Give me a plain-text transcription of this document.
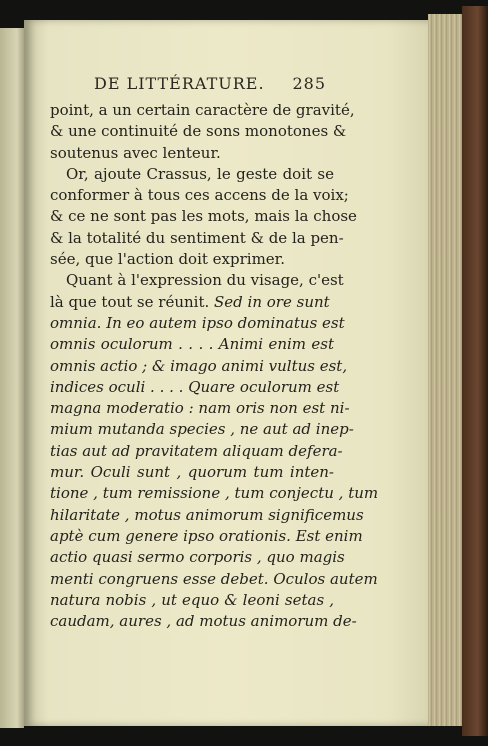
DE LITTÉRATURE. 285
point, a un certain caractère de gravité,
& une continuité de sons monotones &
soutenus avec lenteur.
Or, ajoute Crassus, le geste doit se
conformer à tous ces accens de la voix;
& ce ne sont pas les mots, mais la chose
& la totalité du sentiment & de la pen-
sée, que l'action doit exprimer.
Quant à l'expression du visage, c'est
là que tout se réunit. Sed in ore sunt
omnia. In eo autem ipso dominatus est
omnis oculorum . . . . Animi enim est
omnis actio ; & imago animi vultus est,
indices oculi . . . . Quare oculorum est
magna moderatio : nam oris non est ni-
mium mutanda species , ne aut ad inep-
tias aut ad pravitatem aliquam defera-
mur. Oculi sunt , quorum tum inten-
tione , tum remissione , tum conjectu , tum
hilaritate , motus animorum significemus
aptè cum genere ipso orationis. Est enim
actio quasi sermo corporis , quo magis
menti congruens esse debet. Oculos autem
natura nobis , ut equo & leoni setas ,
caudam, aures , ad motus animorum de-
